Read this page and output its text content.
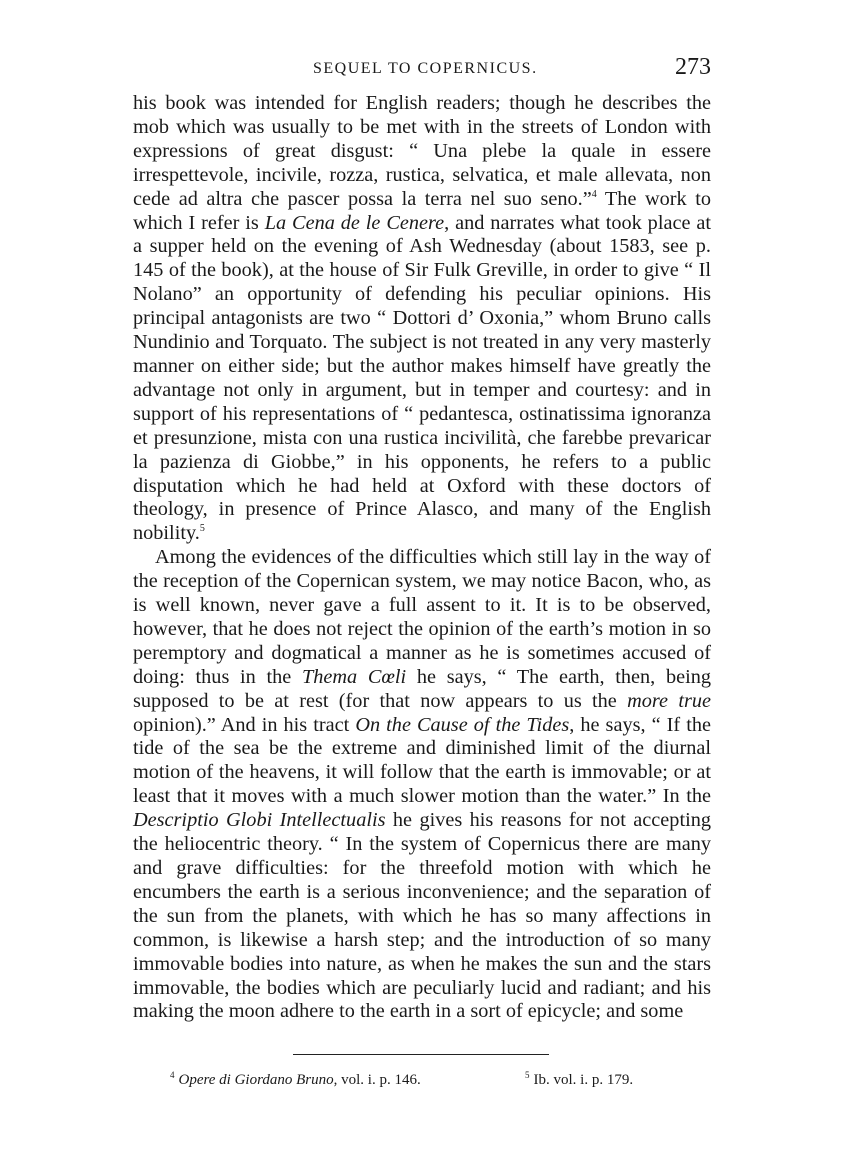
SEQUEL TO COPERNICUS.	273

his book was intended for English readers; though he describes the mob which was usually to be met with in the streets of London with expressions of great disgust: “ Una plebe la quale in essere irrespettevole, incivile, rozza, rustica, selvatica, et male allevata, non cede ad altra che pascer possa la terra nel suo seno.”$^4$ The work to which I refer is La Cena de le Cenere, and narrates what took place at a supper held on the evening of Ash Wednesday (about 1583, see p. 145 of the book), at the house of Sir Fulk Greville, in order to give “ Il Nolano” an opportunity of defending his peculiar opinions. His principal antagonists are two “ Dottori d’ Oxonia,” whom Bruno calls Nundinio and Torquato. The subject is not treated in any very masterly manner on either side; but the author makes himself have greatly the advantage not only in argument, but in temper and courtesy: and in support of his representations of “ pedantesca, ostinatissima ignoranza et presunzione, mista con una rustica incivilità, che farebbe prevaricar la pazienza di Giobbe,” in his opponents, he refers to a public disputation which he had held at Oxford with these doctors of theology, in presence of Prince Alasco, and many of the English nobility.$^5$

Among the evidences of the difficulties which still lay in the way of the reception of the Copernican system, we may notice Bacon, who, as is well known, never gave a full assent to it. It is to be observed, however, that he does not reject the opinion of the earth’s motion in so peremptory and dogmatical a manner as he is sometimes accused of doing: thus in the Thema Cœli he says, “ The earth, then, being supposed to be at rest (for that now appears to us the more true opinion).” And in his tract On the Cause of the Tides, he says, “ If the tide of the sea be the extreme and diminished limit of the diurnal motion of the heavens, it will follow that the earth is immovable; or at least that it moves with a much slower motion than the water.” In the Descriptio Globi Intellectualis he gives his reasons for not accepting the heliocentric theory. “ In the system of Copernicus there are many and grave difficulties: for the threefold motion with which he encumbers the earth is a serious inconvenience; and the separation of the sun from the planets, with which he has so many affections in common, is likewise a harsh step; and the introduction of so many immovable bodies into nature, as when he makes the sun and the stars immovable, the bodies which are peculiarly lucid and radiant; and his making the moon adhere to the earth in a sort of epicycle; and some

$^4$ Opere di Giordano Bruno, vol. i. p. 146.	$^5$ Ib. vol. i. p. 179.
